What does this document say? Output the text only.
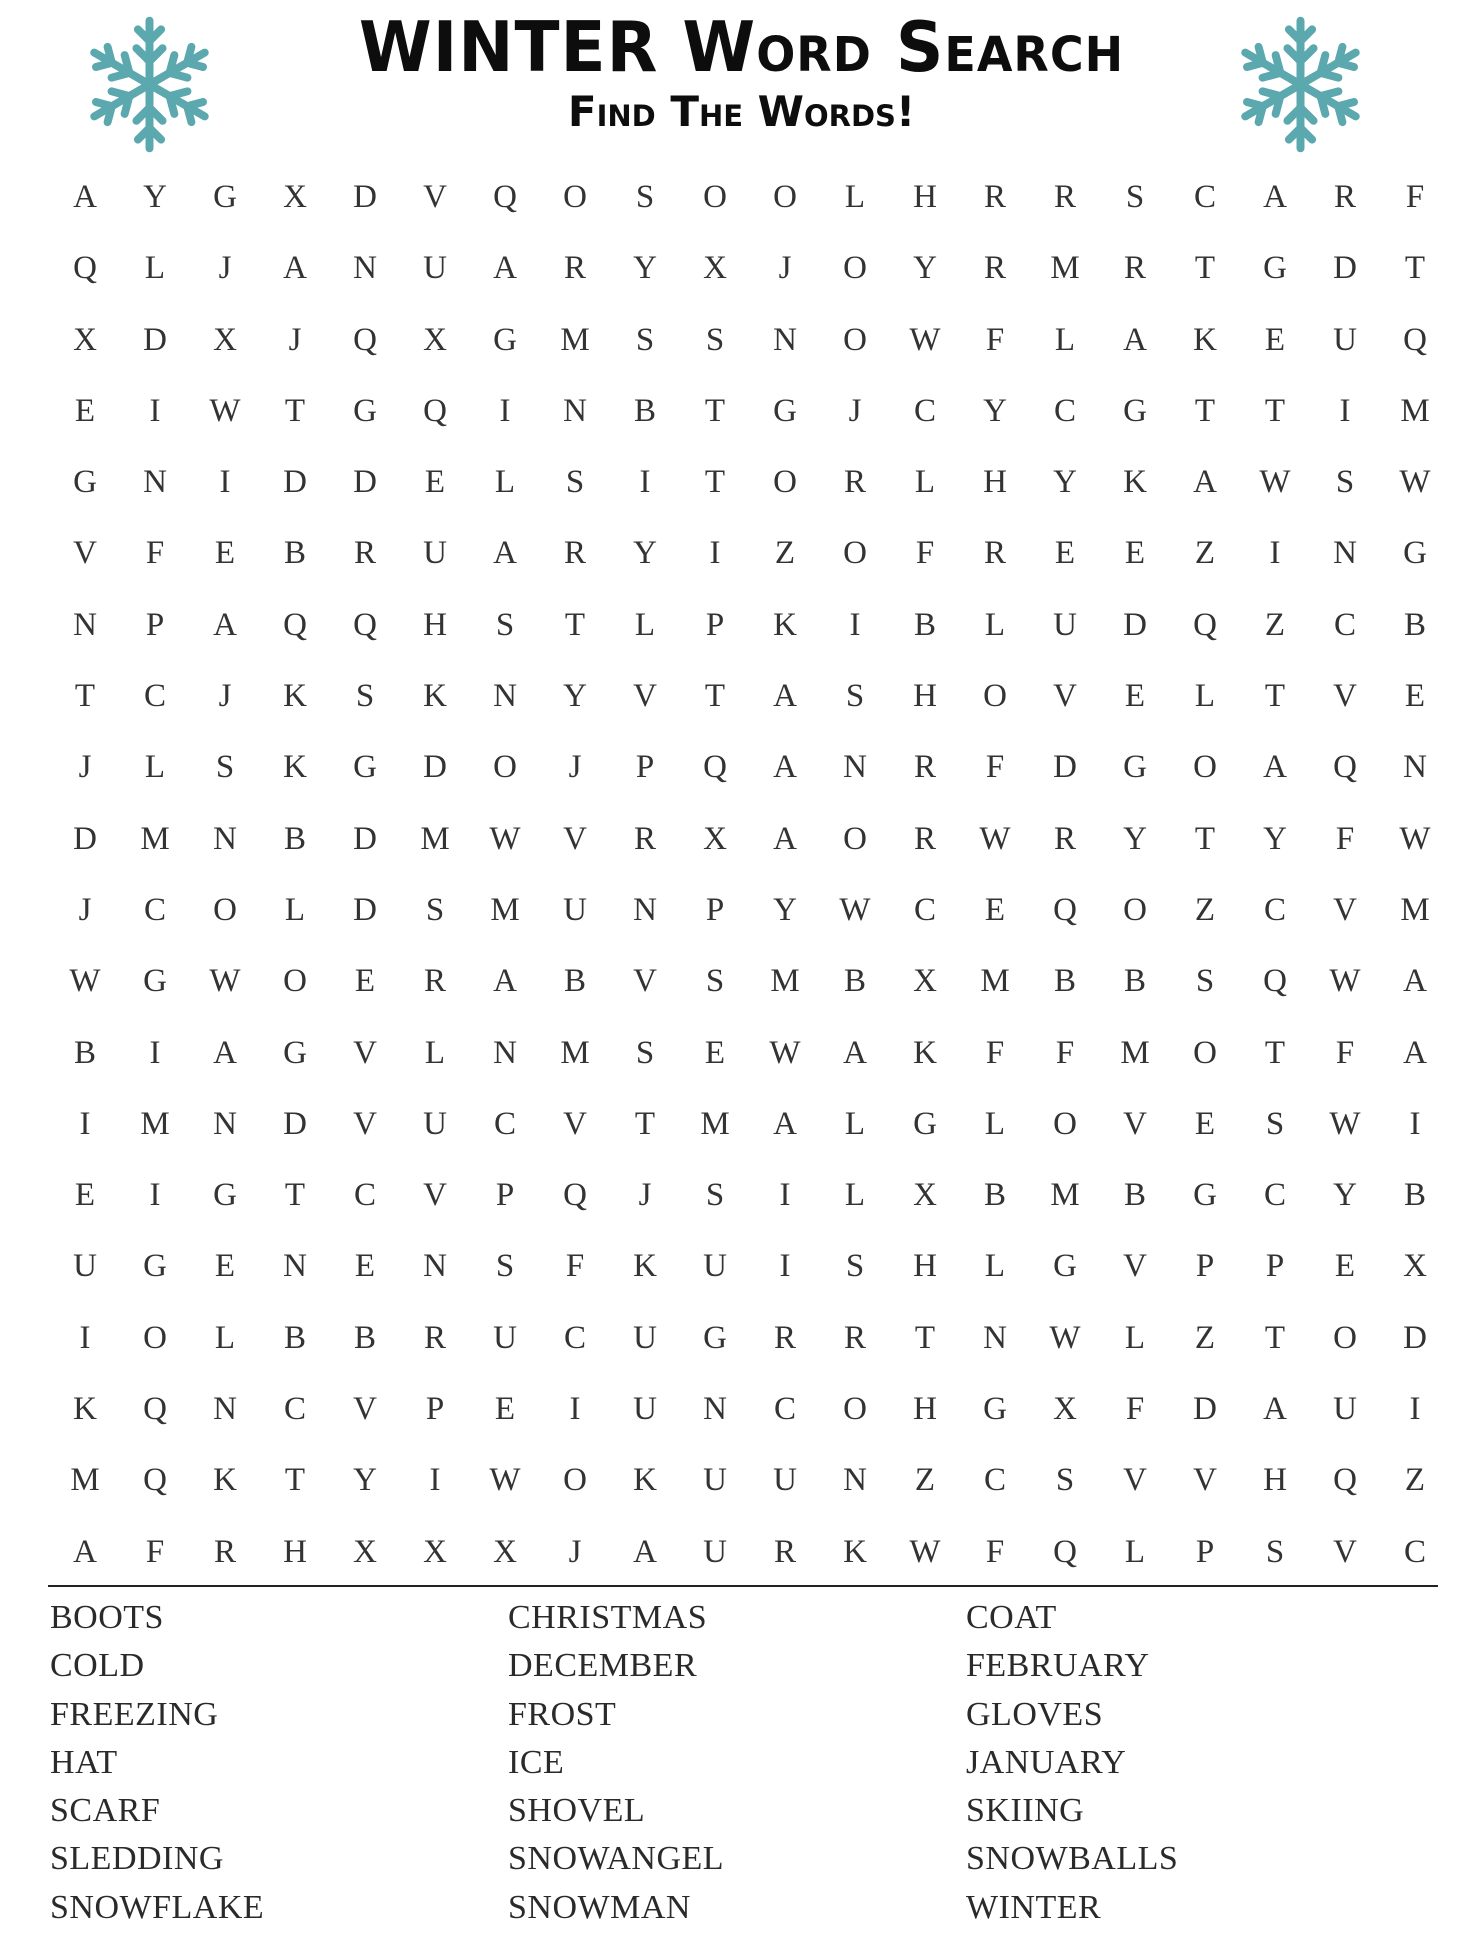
WINTER Word Search
Find The Words!
A	Y	G	X	D	V	Q	O	S	O	O	L	H	R	R	S	C	A	R	F
Q	L	J	A	N	U	A	R	Y	X	J	O	Y	R	M	R	T	G	D	T
X	D	X	J	Q	X	G	M	S	S	N	O	W	F	L	A	K	E	U	Q
E	I	W	T	G	Q	I	N	B	T	G	J	C	Y	C	G	T	T	I	M
G	N	I	D	D	E	L	S	I	T	O	R	L	H	Y	K	A	W	S	W
V	F	E	B	R	U	A	R	Y	I	Z	O	F	R	E	E	Z	I	N	G
N	P	A	Q	Q	H	S	T	L	P	K	I	B	L	U	D	Q	Z	C	B
T	C	J	K	S	K	N	Y	V	T	A	S	H	O	V	E	L	T	V	E
J	L	S	K	G	D	O	J	P	Q	A	N	R	F	D	G	O	A	Q	N
D	M	N	B	D	M	W	V	R	X	A	O	R	W	R	Y	T	Y	F	W
J	C	O	L	D	S	M	U	N	P	Y	W	C	E	Q	O	Z	C	V	M
W	G	W	O	E	R	A	B	V	S	M	B	X	M	B	B	S	Q	W	A
B	I	A	G	V	L	N	M	S	E	W	A	K	F	F	M	O	T	F	A
I	M	N	D	V	U	C	V	T	M	A	L	G	L	O	V	E	S	W	I
E	I	G	T	C	V	P	Q	J	S	I	L	X	B	M	B	G	C	Y	B
U	G	E	N	E	N	S	F	K	U	I	S	H	L	G	V	P	P	E	X
I	O	L	B	B	R	U	C	U	G	R	R	T	N	W	L	Z	T	O	D
K	Q	N	C	V	P	E	I	U	N	C	O	H	G	X	F	D	A	U	I
M	Q	K	T	Y	I	W	O	K	U	U	N	Z	C	S	V	V	H	Q	Z
A	F	R	H	X	X	X	J	A	U	R	K	W	F	Q	L	P	S	V	C
BOOTS	CHRISTMAS	COAT
COLD	DECEMBER	FEBRUARY
FREEZING	FROST	GLOVES
HAT	ICE	JANUARY
SCARF	SHOVEL	SKIING
SLEDDING	SNOWANGEL	SNOWBALLS
SNOWFLAKE	SNOWMAN	WINTER
